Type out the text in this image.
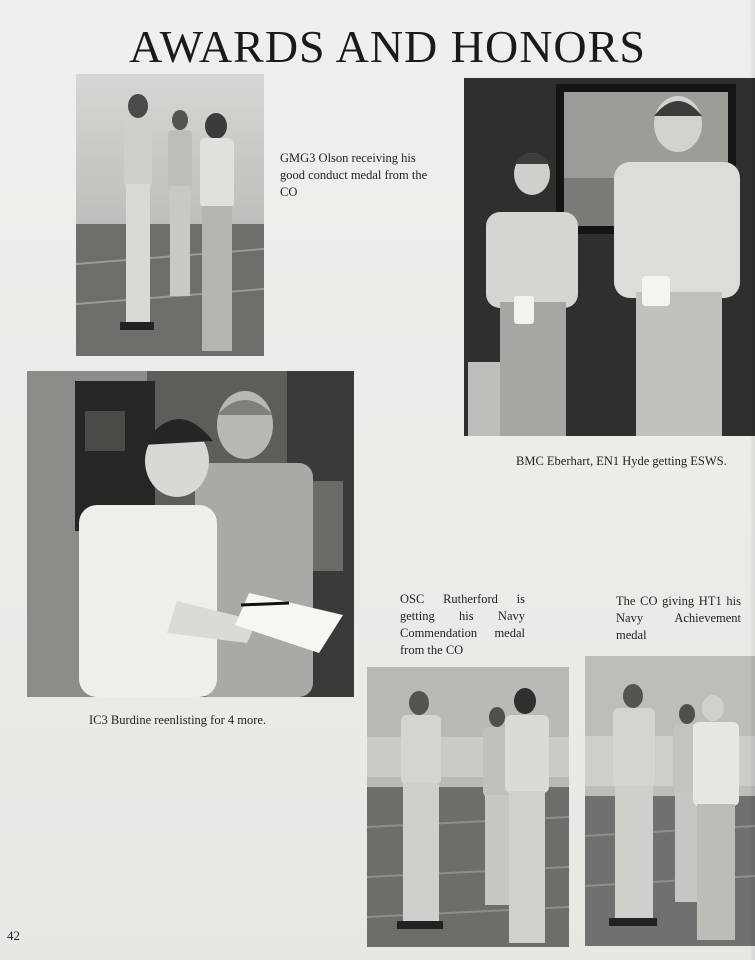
AWARDS AND HONORS

GMG3 Olson receiving his good conduct medal from the CO

BMC Eberhart, EN1 Hyde getting ESWS.

IC3 Burdine reenlisting for 4 more.

OSC Rutherford is getting his Navy Commendation medal from the CO

The CO giving HT1 his Navy Achievement medal

42
